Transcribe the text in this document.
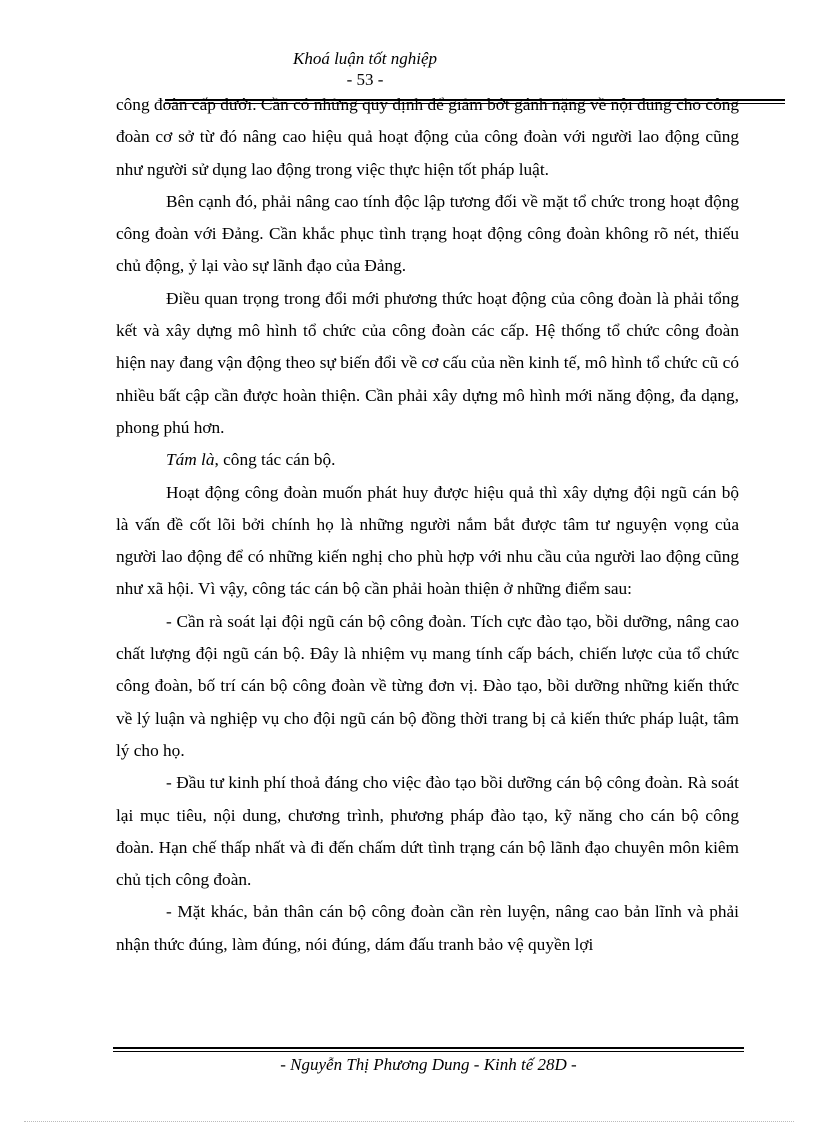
Khoá luận tốt nghiệp
- 53 -

công đoàn cấp dưới. Cần có những quy định để giảm bớt gánh nặng về nội dung cho công đoàn cơ sở từ đó nâng cao hiệu quả hoạt động của công đoàn với người lao động cũng như người sử dụng lao động trong việc thực hiện tốt pháp luật.

Bên cạnh đó, phải nâng cao tính độc lập tương đối về mặt tổ chức trong hoạt động công đoàn với Đảng. Cần khắc phục tình trạng hoạt động công đoàn không rõ nét, thiếu chủ động, ỷ lại vào sự lãnh đạo của Đảng.

Điều quan trọng trong đổi mới phương thức hoạt động của công đoàn là phải tổng kết và xây dựng mô hình tổ chức của công đoàn các cấp. Hệ thống tổ chức công đoàn hiện nay đang vận động theo sự biến đổi về cơ cấu của nền kinh tế, mô hình tổ chức cũ có nhiều bất cập cần được hoàn thiện. Cần phải xây dựng mô hình mới năng động, đa dạng, phong phú hơn.

Tám là, công tác cán bộ.

Hoạt động công đoàn muốn phát huy được hiệu quả thì xây dựng đội ngũ cán bộ là vấn đề cốt lõi bởi chính họ là những người nắm bắt được tâm tư nguyện vọng của người lao động để có những kiến nghị cho phù hợp với nhu cầu của người lao động cũng như xã hội. Vì vậy, công tác cán bộ cần phải hoàn thiện ở những điểm sau:

- Cần rà soát lại đội ngũ cán bộ công đoàn. Tích cực đào tạo, bồi dưỡng, nâng cao chất lượng đội ngũ cán bộ. Đây là nhiệm vụ mang tính cấp bách, chiến lược của tổ chức công đoàn, bố trí cán bộ công đoàn về từng đơn vị. Đào tạo, bồi dưỡng những kiến thức về lý luận và nghiệp vụ cho đội ngũ cán bộ đồng thời trang bị cả kiến thức pháp luật, tâm lý cho họ.

- Đầu tư kinh phí thoả đáng cho việc đào tạo bồi dưỡng cán bộ công đoàn. Rà soát lại mục tiêu, nội dung, chương trình, phương pháp đào tạo, kỹ năng cho cán bộ công đoàn. Hạn chế thấp nhất và đi đến chấm dứt tình trạng cán bộ lãnh đạo chuyên môn kiêm chủ tịch công đoàn.

- Mặt khác, bản thân cán bộ công đoàn cần rèn luyện, nâng cao bản lĩnh và phải nhận thức đúng, làm đúng, nói đúng, dám đấu tranh bảo vệ quyền lợi

- Nguyễn Thị Phương Dung - Kinh tế 28D -
